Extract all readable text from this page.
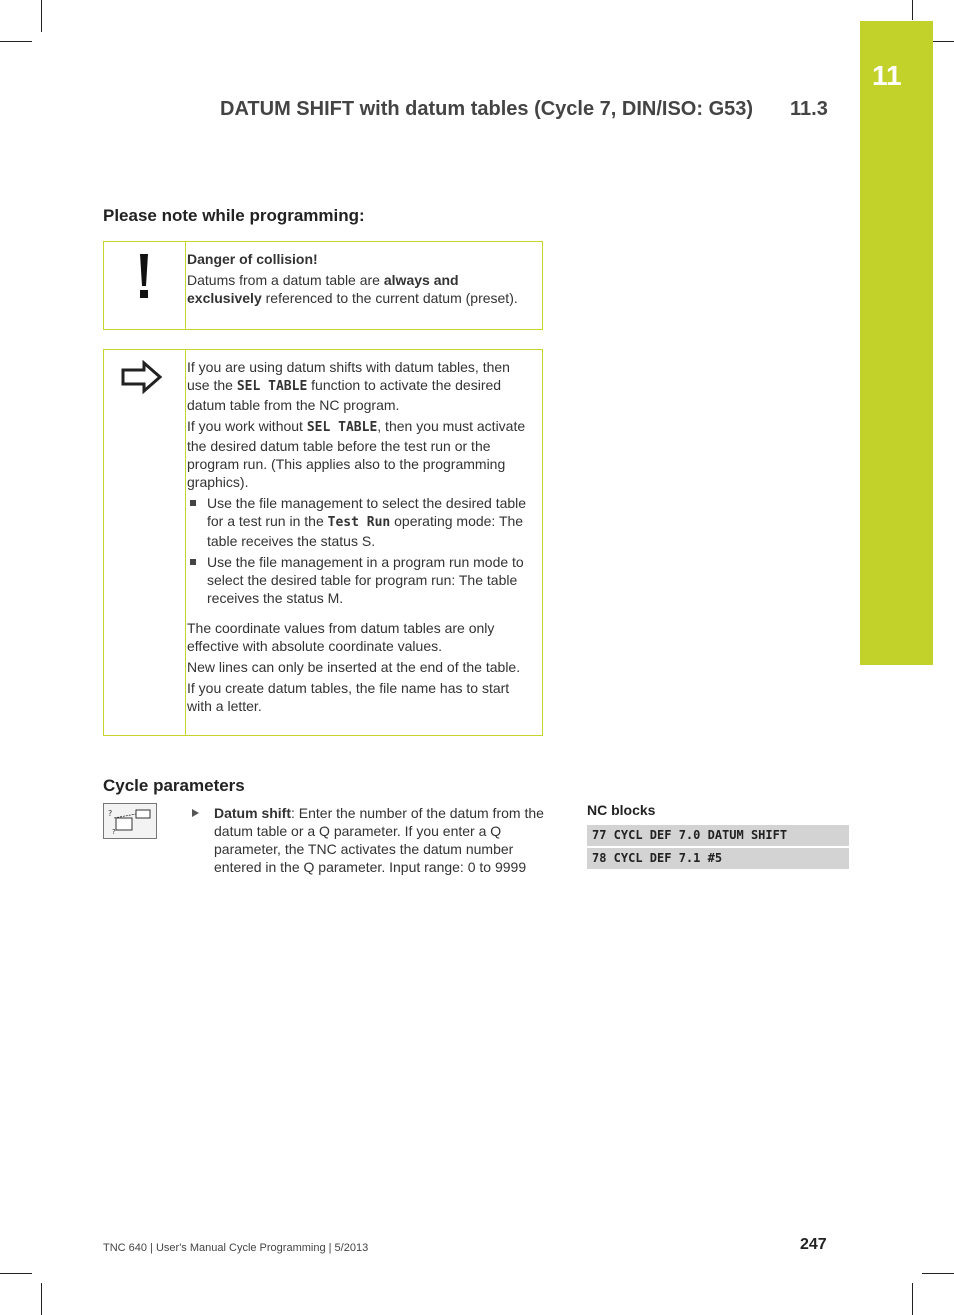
11
DATUM SHIFT with datum tables (Cycle 7, DIN/ISO: G53) 11.3
Please note while programming:

Danger of collision!

Datums from a datum table are always and exclusively referenced to the current datum (preset).

If you are using datum shifts with datum tables, then use the SEL TABLE function to activate the desired datum table from the NC program.

If you work without SEL TABLE, then you must activate the desired datum table before the test run or the program run. (This applies also to the programming graphics).

Use the file management to select the desired table for a test run in the Test Run operating mode: The table receives the status S.
Use the file management in a program run mode to select the desired table for program run: The table receives the status M.

The coordinate values from datum tables are only effective with absolute coordinate values.

New lines can only be inserted at the end of the table.

If you create datum tables, the file name has to start with a letter.

Cycle parameters
?
?
Datum shift: Enter the number of the datum from the datum table or a Q parameter. If you enter a Q parameter, the TNC activates the datum number entered in the Q parameter. Input range: 0 to 9999
NC blocks
77 CYCL DEF 7.0 DATUM SHIFT
78 CYCL DEF 7.1 #5
TNC 640 | User's Manual Cycle Programming | 5/2013	247
